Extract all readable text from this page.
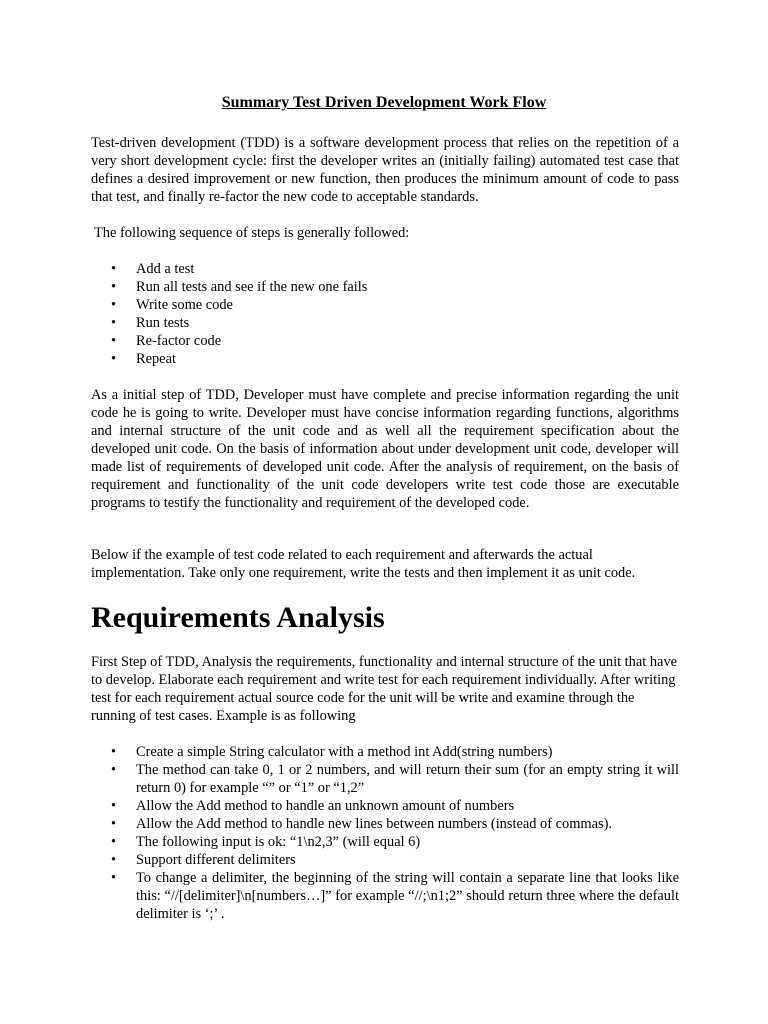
Summary Test Driven Development Work Flow

Test-driven development (TDD) is a software development process that relies on the repetition of a very short development cycle: first the developer writes an (initially failing) automated test case that defines a desired improvement or new function, then produces the minimum amount of code to pass that test, and finally re-factor the new code to acceptable standards.

The following sequence of steps is generally followed:

• Add a test
• Run all tests and see if the new one fails
• Write some code
• Run tests
• Re-factor code
• Repeat

As a initial step of TDD, Developer must have complete and precise information regarding the unit code he is going to write. Developer must have concise information regarding functions, algorithms and internal structure of the unit code and as well all the requirement specification about the developed unit code. On the basis of information about under development unit code, developer will made list of requirements of developed unit code. After the analysis of requirement, on the basis of requirement and functionality of the unit code developers write test code those are executable programs to testify the functionality and requirement of the developed code.

Below if the example of test code related to each requirement and afterwards the actual implementation. Take only one requirement, write the tests and then implement it as unit code.

Requirements Analysis

First Step of TDD, Analysis the requirements, functionality and internal structure of the unit that have to develop. Elaborate each requirement and write test for each requirement individually. After writing test for each requirement actual source code for the unit will be write and examine through the running of test cases. Example is as following

• Create a simple String calculator with a method int Add(string numbers)
• The method can take 0, 1 or 2 numbers, and will return their sum (for an empty string it will return 0) for example “” or “1” or “1,2”
• Allow the Add method to handle an unknown amount of numbers
• Allow the Add method to handle new lines between numbers (instead of commas).
• The following input is ok: “1\n2,3” (will equal 6)
• Support different delimiters
• To change a delimiter, the beginning of the string will contain a separate line that looks like this: “//[delimiter]\n[numbers…]” for example “//;\n1;2” should return three where the default delimiter is ‘;’ .
